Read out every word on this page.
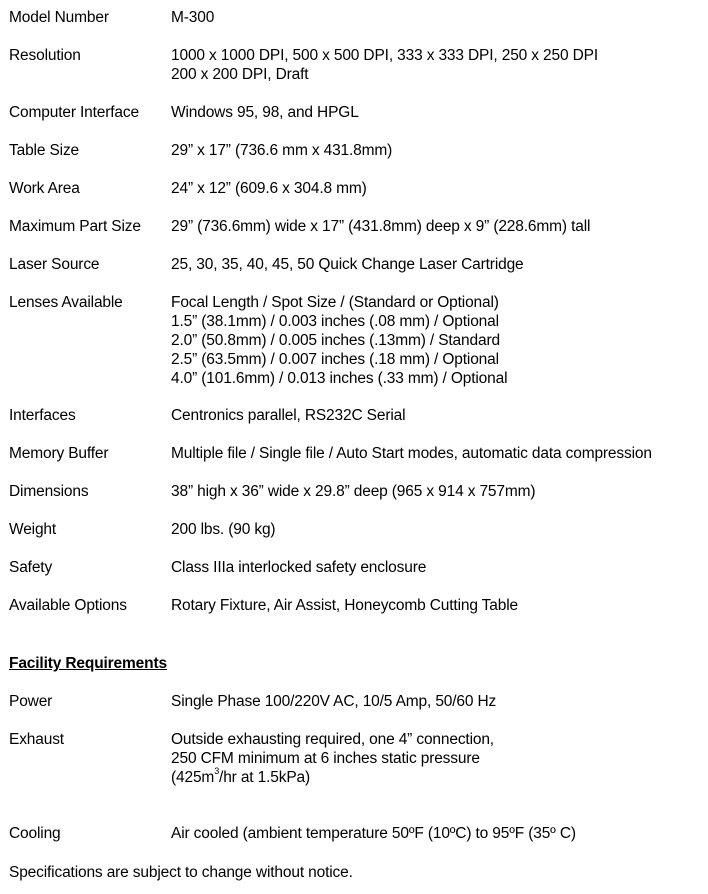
Model Number	M-300
Resolution	1000 x 1000 DPI, 500 x 500 DPI, 333 x 333 DPI, 250 x 250 DPI
200 x 200 DPI, Draft
Computer Interface	Windows 95, 98, and HPGL
Table Size	29” x 17” (736.6 mm x 431.8mm)
Work Area	24” x 12” (609.6 x 304.8 mm)
Maximum Part Size	29” (736.6mm) wide x 17” (431.8mm) deep x 9” (228.6mm) tall
Laser Source	25, 30, 35, 40, 45, 50 Quick Change Laser Cartridge
Lenses Available	Focal Length / Spot Size / (Standard or Optional)
1.5” (38.1mm) / 0.003 inches (.08 mm) / Optional
2.0” (50.8mm) / 0.005 inches (.13mm) / Standard
2.5” (63.5mm) / 0.007 inches (.18 mm) / Optional
4.0” (101.6mm) / 0.013 inches (.33 mm) / Optional
Interfaces	Centronics parallel, RS232C Serial
Memory Buffer	Multiple file / Single file / Auto Start modes, automatic data compression
Dimensions	38” high x 36” wide x 29.8” deep (965 x 914 x 757mm)
Weight	200 lbs. (90 kg)
Safety	Class IIIa interlocked safety enclosure
Available Options	Rotary Fixture, Air Assist, Honeycomb Cutting Table
Facility Requirements
Power	Single Phase 100/220V AC, 10/5 Amp, 50/60 Hz
Exhaust	Outside exhausting required, one 4” connection,
250 CFM minimum at 6 inches static pressure
($425m^3/hr$ at 1.5kPa)
Cooling	Air cooled (ambient temperature 50ºF (10ºC) to 95ºF (35º C)
Specifications are subject to change without notice.
